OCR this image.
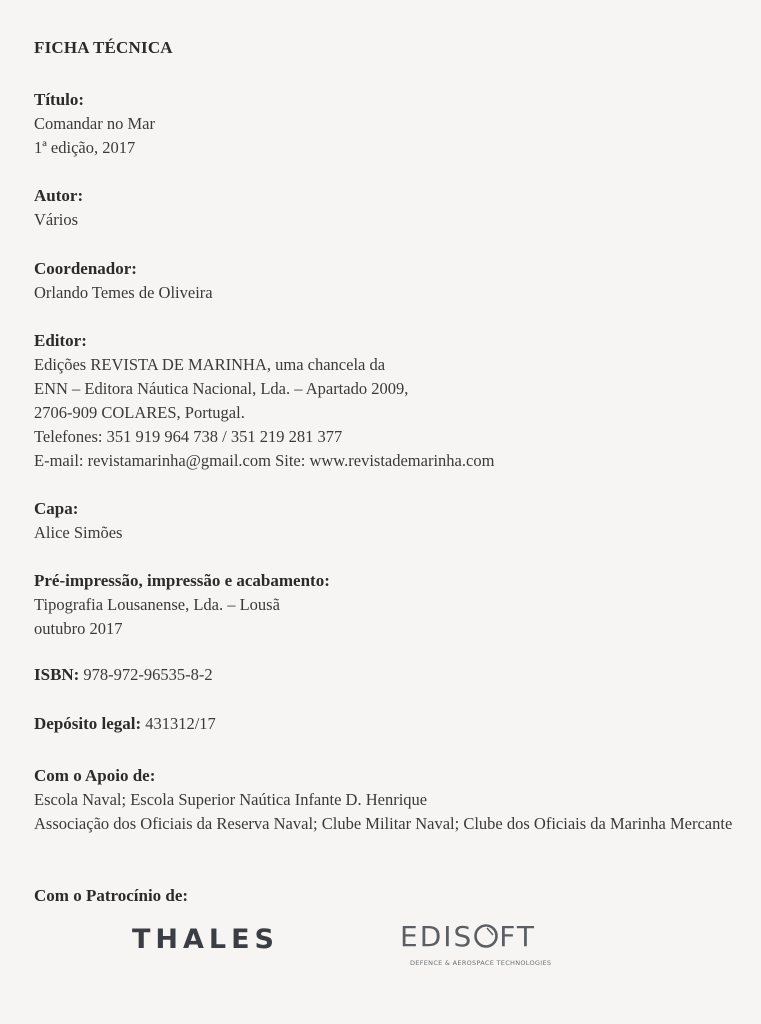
FICHA TÉCNICA
Título:
Comandar no Mar
1ª edição, 2017
Autor:
Vários
Coordenador:
Orlando Temes de Oliveira
Editor:
Edições REVISTA DE MARINHA, uma chancela da
ENN – Editora Náutica Nacional, Lda. – Apartado 2009,
2706-909 COLARES, Portugal.
Telefones: 351 919 964 738 / 351 219 281 377
E-mail: revistamarinha@gmail.com Site: www.revistademarinha.com
Capa:
Alice Simões
Pré-impressão, impressão e acabamento:
Tipografia Lousanense, Lda. – Lousã
outubro 2017
ISBN: 978-972-96535-8-2
Depósito legal: 431312/17
Com o Apoio de:
Escola Naval; Escola Superior Naútica Infante D. Henrique
Associação dos Oficiais da Reserva Naval; Clube Militar Naval; Clube dos Oficiais da Marinha Mercante
Com o Patrocínio de:
THALES	EDIS FT
DEFENCE & AEROSPACE TECHNOLOGIES
